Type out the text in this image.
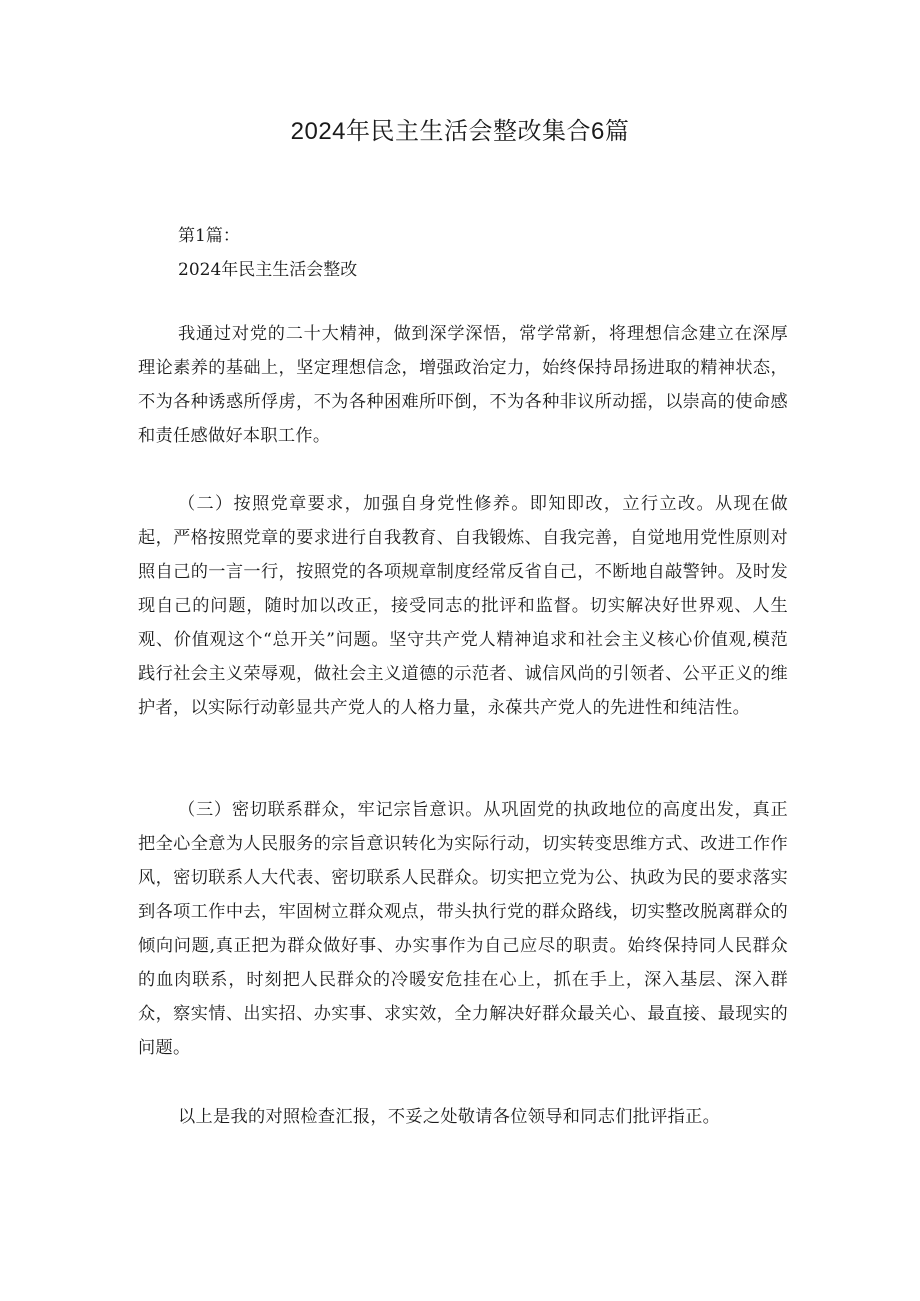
2024年民主生活会整改集合6篇
第1篇：
2024年民主生活会整改

我通过对党的二十大精神，做到深学深悟，常学常新，将理想信念建立在深厚理论素养的基础上，坚定理想信念，增强政治定力，始终保持昂扬进取的精神状态，不为各种诱惑所俘虏，不为各种困难所吓倒，不为各种非议所动摇，以崇高的使命感和责任感做好本职工作。

（二）按照党章要求，加强自身党性修养。即知即改，立行立改。从现在做起，严格按照党章的要求进行自我教育、自我锻炼、自我完善，自觉地用党性原则对照自己的一言一行，按照党的各项规章制度经常反省自己，不断地自敲警钟。及时发现自己的问题，随时加以改正，接受同志的批评和监督。切实解决好世界观、人生观、价值观这个“总开关”问题。坚守共产党人精神追求和社会主义核心价值观,模范践行社会主义荣辱观，做社会主义道德的示范者、诚信风尚的引领者、公平正义的维护者，以实际行动彰显共产党人的人格力量，永葆共产党人的先进性和纯洁性。

（三）密切联系群众，牢记宗旨意识。从巩固党的执政地位的高度出发，真正把全心全意为人民服务的宗旨意识转化为实际行动，切实转变思维方式、改进工作作风，密切联系人大代表、密切联系人民群众。切实把立党为公、执政为民的要求落实到各项工作中去，牢固树立群众观点，带头执行党的群众路线，切实整改脱离群众的倾向问题,真正把为群众做好事、办实事作为自己应尽的职责。始终保持同人民群众的血肉联系，时刻把人民群众的冷暖安危挂在心上，抓在手上，深入基层、深入群众，察实情、出实招、办实事、求实效，全力解决好群众最关心、最直接、最现实的问题。

以上是我的对照检查汇报，不妥之处敬请各位领导和同志们批评指正。
